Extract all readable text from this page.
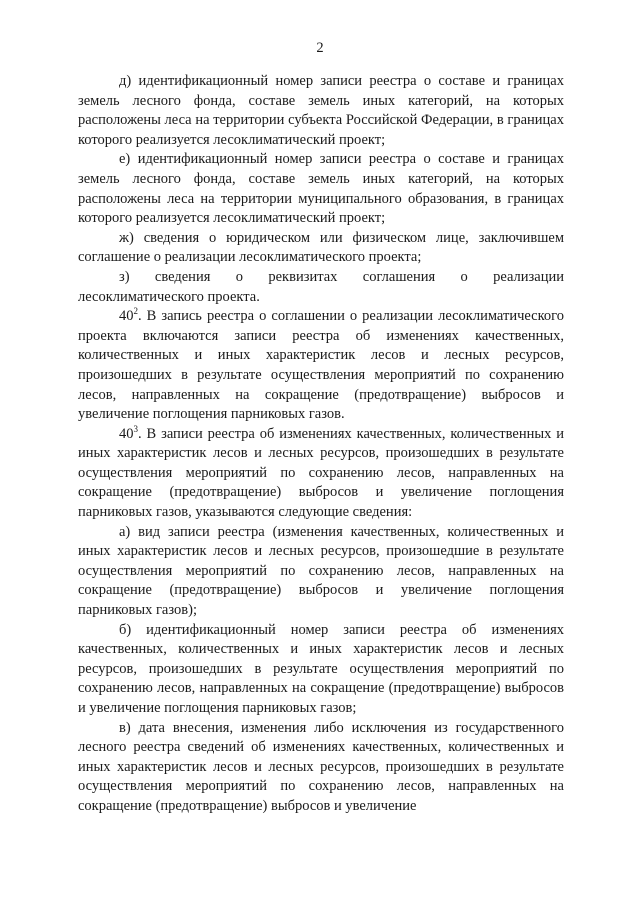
2

д) идентификационный номер записи реестра о составе и границах земель лесного фонда, составе земель иных категорий, на которых расположены леса на территории субъекта Российской Федерации, в границах которого реализуется лесоклиматический проект;

е) идентификационный номер записи реестра о составе и границах земель лесного фонда, составе земель иных категорий, на которых расположены леса на территории муниципального образования, в границах которого реализуется лесоклиматический проект;

ж) сведения о юридическом или физическом лице, заключившем соглашение о реализации лесоклиматического проекта;

з) сведения о реквизитах соглашения о реализации
лесоклиматического проекта.

$40^2$. В запись реестра о соглашении о реализации лесоклиматического проекта включаются записи реестра об изменениях качественных, количественных и иных характеристик лесов и лесных ресурсов, произошедших в результате осуществления мероприятий по сохранению лесов, направленных на сокращение (предотвращение) выбросов и увеличение поглощения парниковых газов.

$40^3$. В записи реестра об изменениях качественных, количественных и иных характеристик лесов и лесных ресурсов, произошедших в результате осуществления мероприятий по сохранению лесов, направленных на сокращение (предотвращение) выбросов и увеличение поглощения парниковых газов, указываются следующие сведения:

а) вид записи реестра (изменения качественных, количественных и иных характеристик лесов и лесных ресурсов, произошедшие в результате осуществления мероприятий по сохранению лесов, направленных на сокращение (предотвращение) выбросов и увеличение поглощения парниковых газов);

б) идентификационный номер записи реестра об изменениях качественных, количественных и иных характеристик лесов и лесных ресурсов, произошедших в результате осуществления мероприятий по сохранению лесов, направленных на сокращение (предотвращение) выбросов и увеличение поглощения парниковых газов;

в) дата внесения, изменения либо исключения из государственного лесного реестра сведений об изменениях качественных, количественных и иных характеристик лесов и лесных ресурсов, произошедших в результате осуществления мероприятий по сохранению лесов, направленных на сокращение (предотвращение) выбросов и увеличение
